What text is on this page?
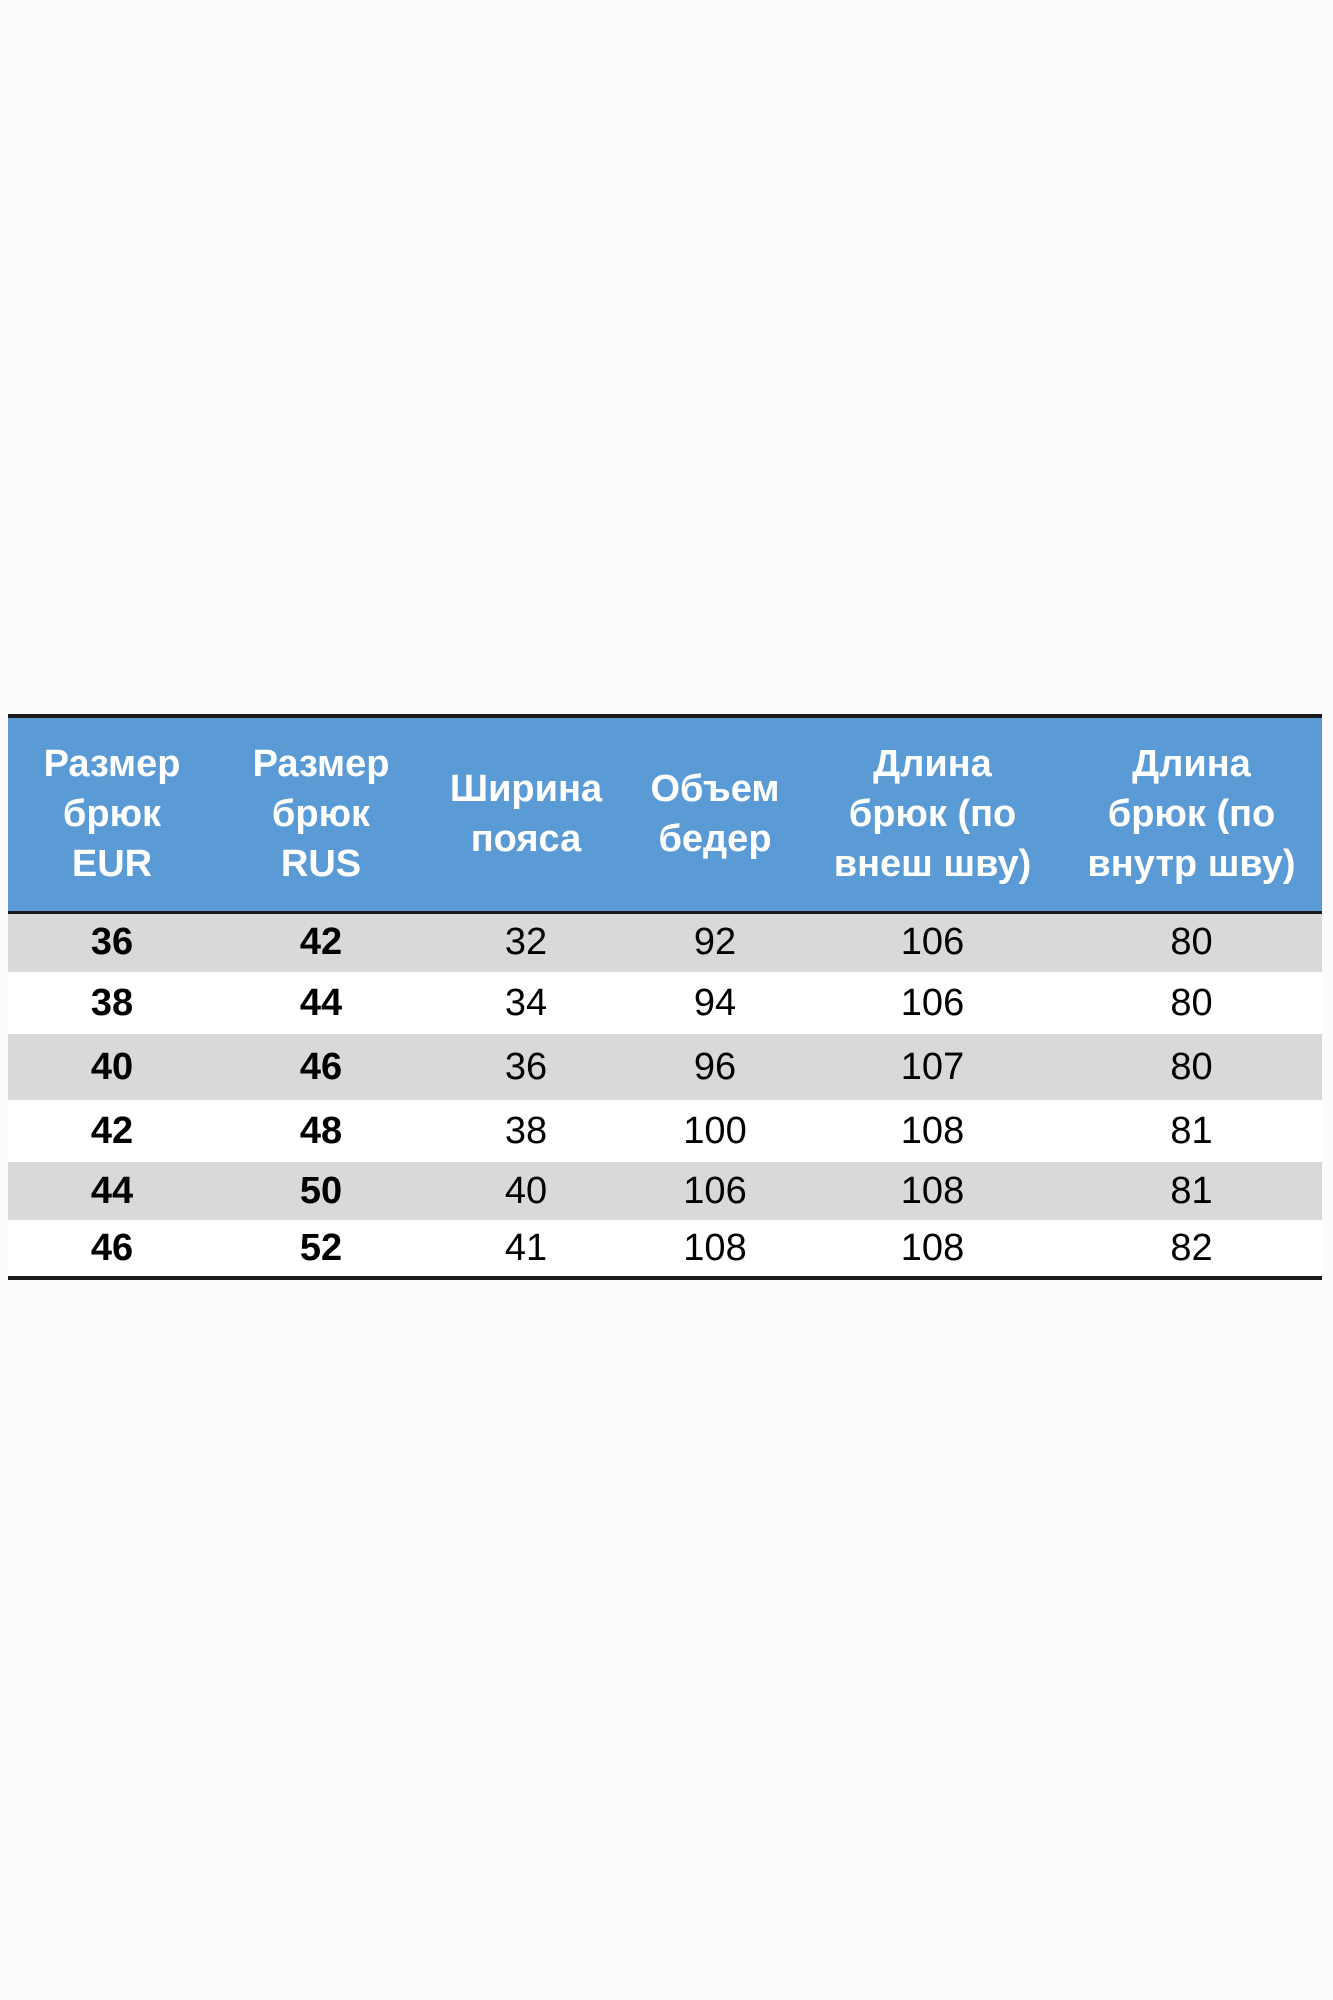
Размер
брюк
EUR	Размер
брюк
RUS	Ширина
пояса	Объем
бедер	Длина
брюк (по
внеш шву)	Длина
брюк (по
внутр шву)
36	42	32	92	106	80
38	44	34	94	106	80
40	46	36	96	107	80
42	48	38	100	108	81
44	50	40	106	108	81
46	52	41	108	108	82
